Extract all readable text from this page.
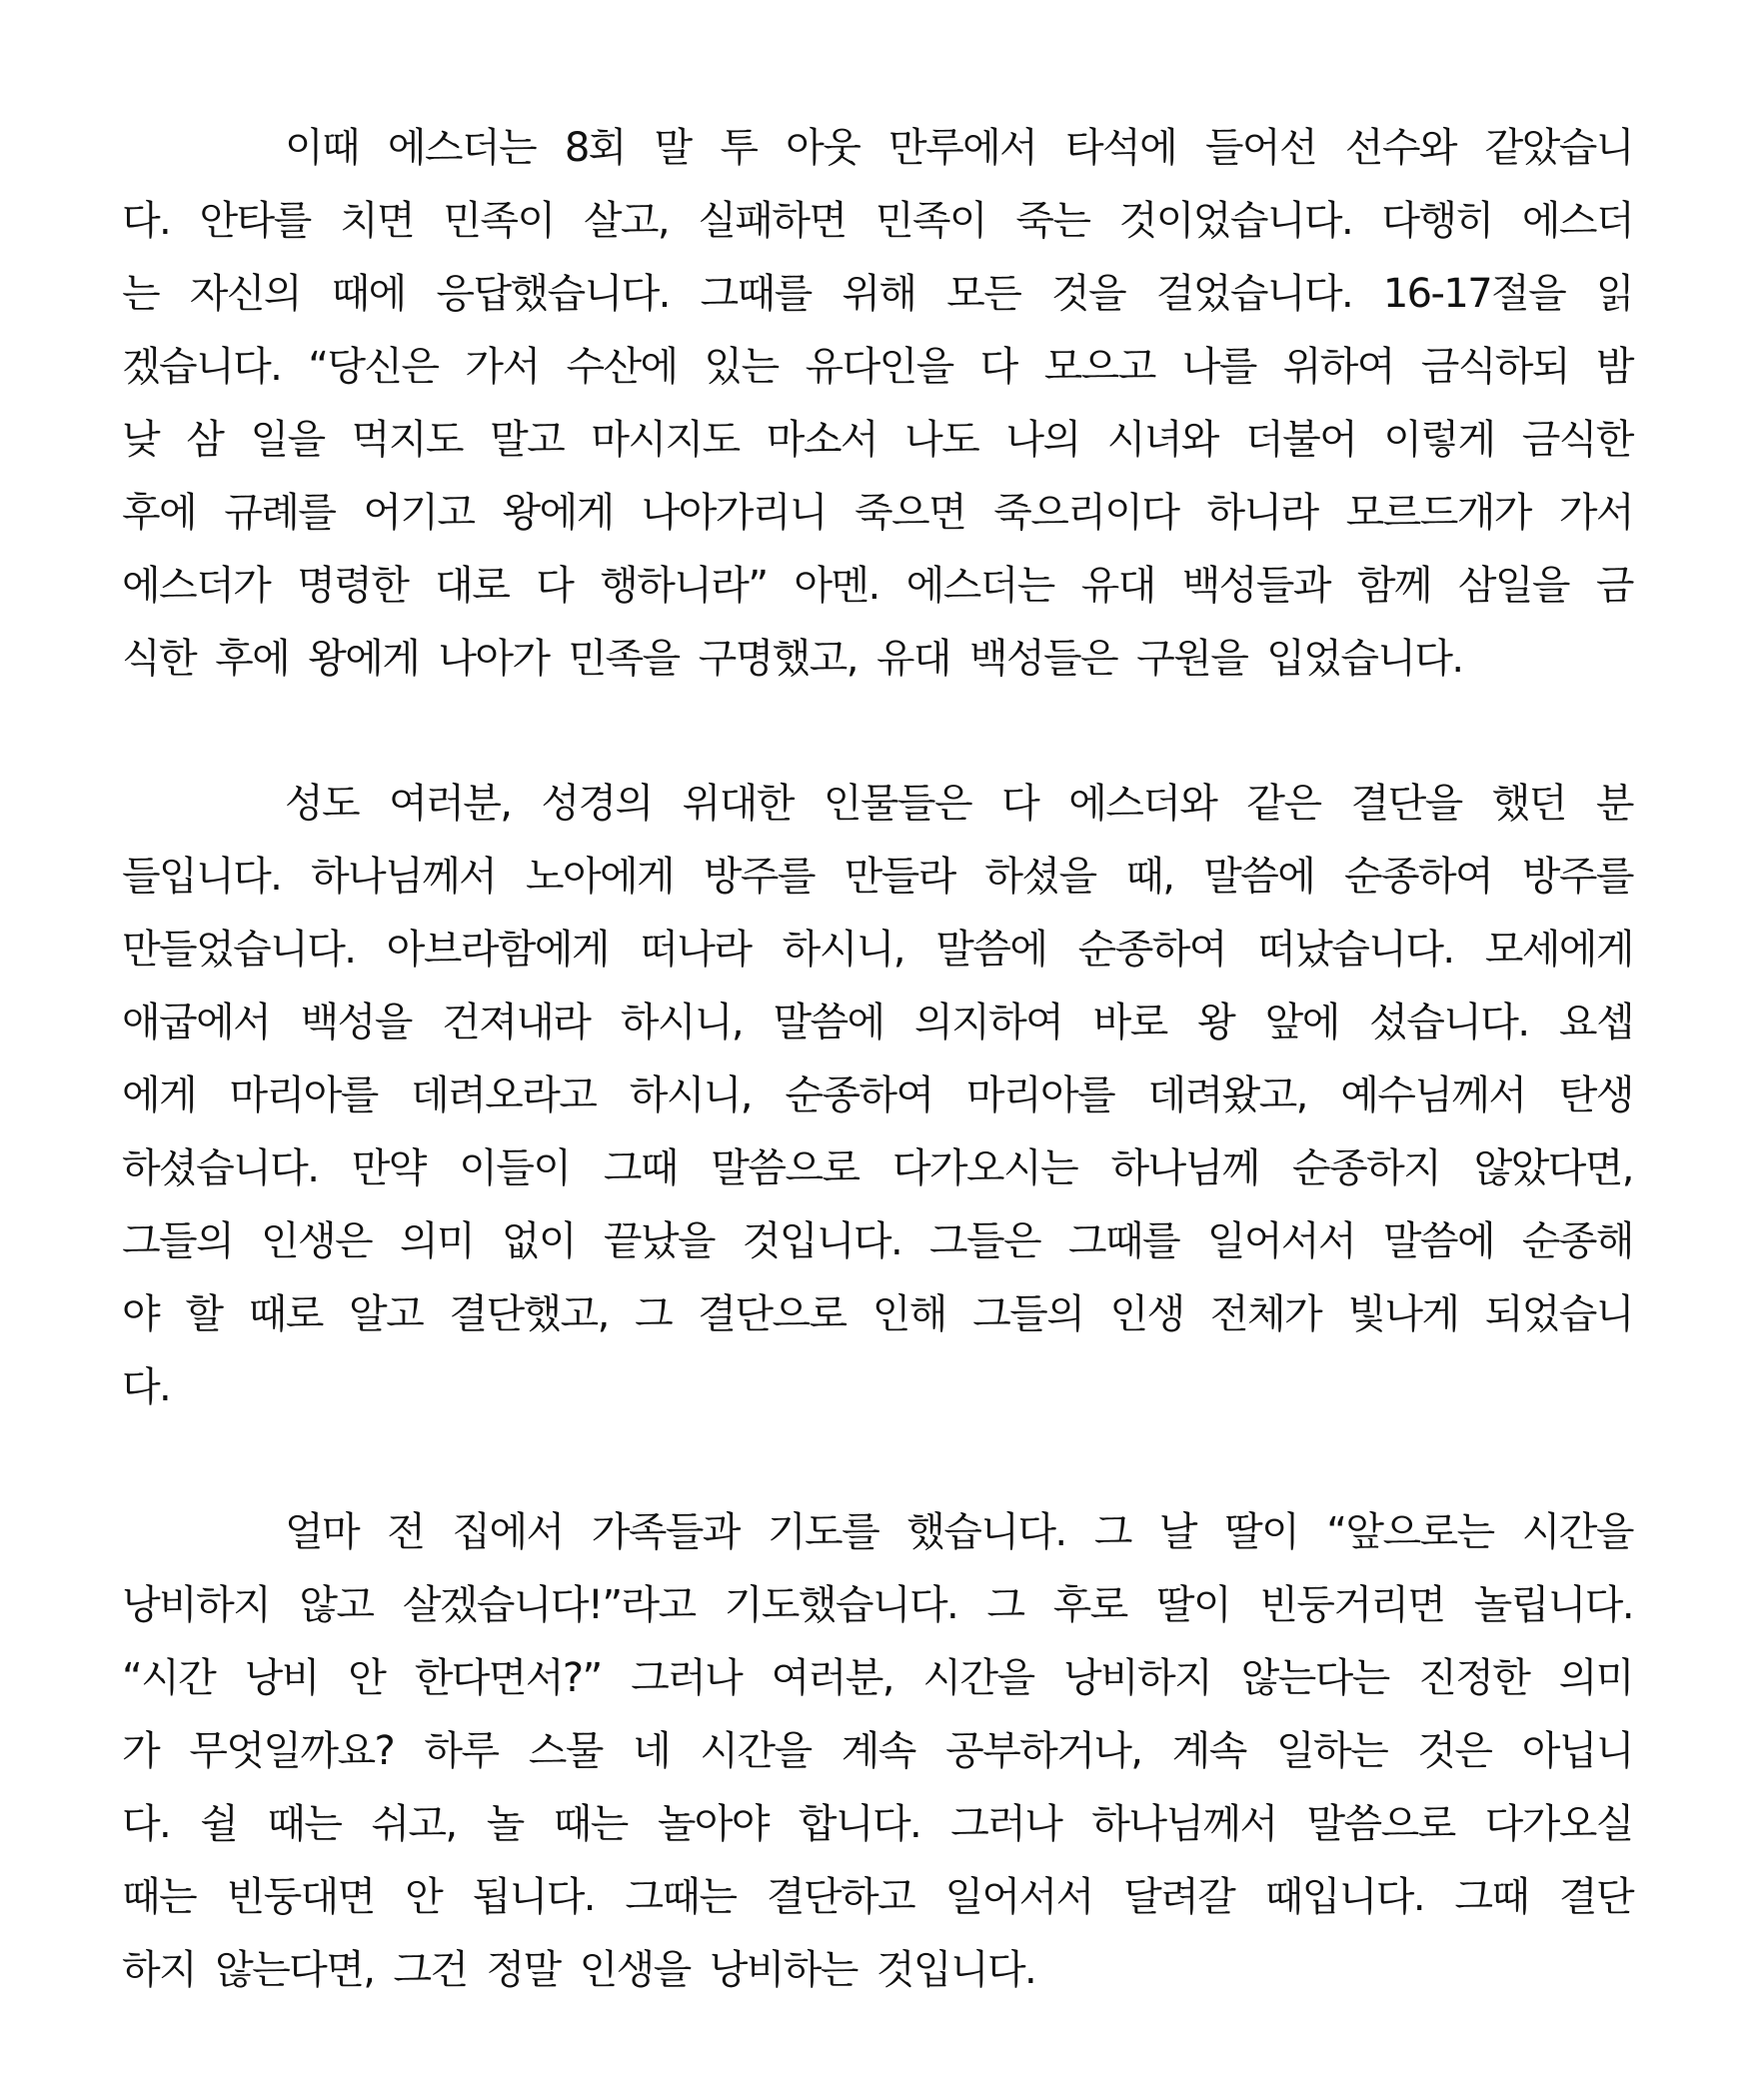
이때 에스더는 8회 말 투 아웃 만루에서 타석에 들어선 선수와 같았습니
다. 안타를 치면 민족이 살고, 실패하면 민족이 죽는 것이었습니다. 다행히 에스더
는 자신의 때에 응답했습니다. 그때를 위해 모든 것을 걸었습니다. 16-17절을 읽
겠습니다. “당신은 가서 수산에 있는 유다인을 다 모으고 나를 위하여 금식하되 밤
낮 삼 일을 먹지도 말고 마시지도 마소서 나도 나의 시녀와 더불어 이렇게 금식한
후에 규례를 어기고 왕에게 나아가리니 죽으면 죽으리이다 하니라 모르드개가 가서
에스더가 명령한 대로 다 행하니라” 아멘. 에스더는 유대 백성들과 함께 삼일을 금
식한 후에 왕에게 나아가 민족을 구명했고, 유대 백성들은 구원을 입었습니다.
성도 여러분, 성경의 위대한 인물들은 다 에스더와 같은 결단을 했던 분
들입니다. 하나님께서 노아에게 방주를 만들라 하셨을 때, 말씀에 순종하여 방주를
만들었습니다. 아브라함에게 떠나라 하시니, 말씀에 순종하여 떠났습니다. 모세에게
애굽에서 백성을 건져내라 하시니, 말씀에 의지하여 바로 왕 앞에 섰습니다. 요셉
에게 마리아를 데려오라고 하시니, 순종하여 마리아를 데려왔고, 예수님께서 탄생
하셨습니다. 만약 이들이 그때 말씀으로 다가오시는 하나님께 순종하지 않았다면,
그들의 인생은 의미 없이 끝났을 것입니다. 그들은 그때를 일어서서 말씀에 순종해
야 할 때로 알고 결단했고, 그 결단으로 인해 그들의 인생 전체가 빛나게 되었습니
다.
얼마 전 집에서 가족들과 기도를 했습니다. 그 날 딸이 “앞으로는 시간을
낭비하지 않고 살겠습니다!”라고 기도했습니다. 그 후로 딸이 빈둥거리면 놀립니다.
“시간 낭비 안 한다면서?” 그러나 여러분, 시간을 낭비하지 않는다는 진정한 의미
가 무엇일까요? 하루 스물 네 시간을 계속 공부하거나, 계속 일하는 것은 아닙니
다. 쉴 때는 쉬고, 놀 때는 놀아야 합니다. 그러나 하나님께서 말씀으로 다가오실
때는 빈둥대면 안 됩니다. 그때는 결단하고 일어서서 달려갈 때입니다. 그때 결단
하지 않는다면, 그건 정말 인생을 낭비하는 것입니다.
